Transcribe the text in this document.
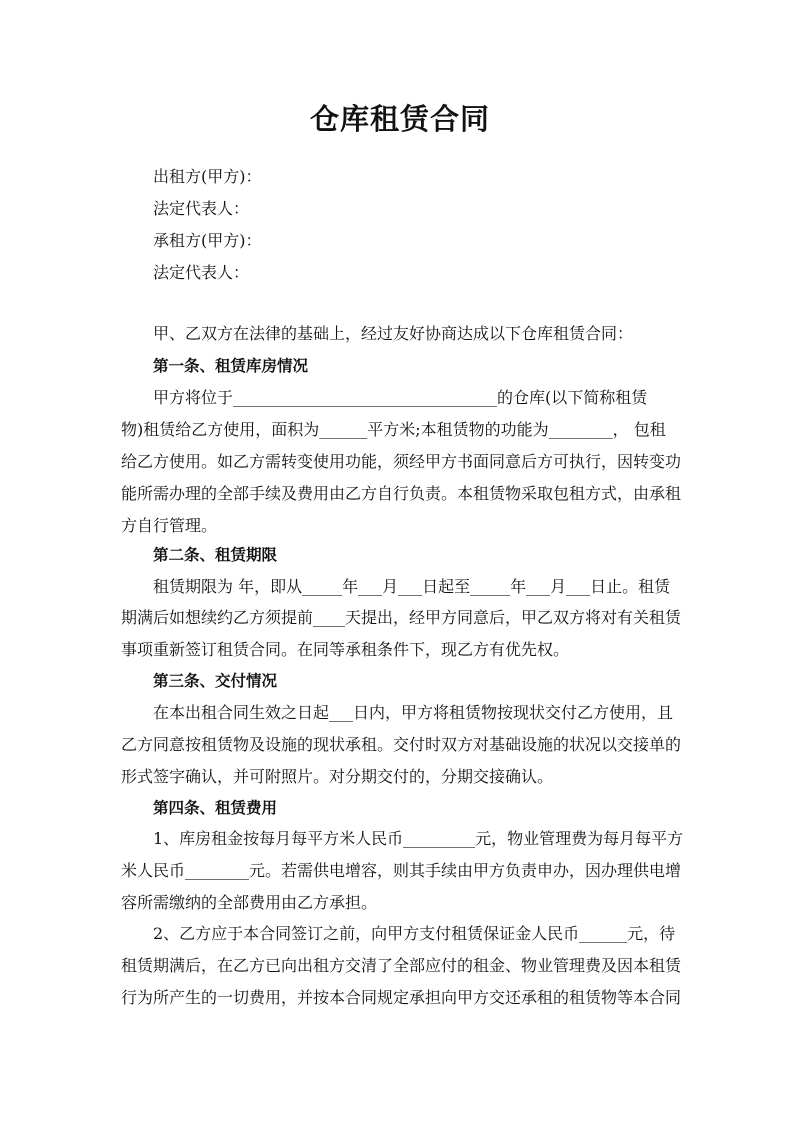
仓库租赁合同
出租方(甲方)：
法定代表人：
承租方(甲方)：
法定代表人：
甲、乙双方在法律的基础上，经过友好协商达成以下仓库租赁合同：
第一条、租赁库房情况
甲方将位于_________________________________的仓库(以下简称租赁
物)租赁给乙方使用，面积为______平方米;本租赁物的功能为________， 包租
给乙方使用。如乙方需转变使用功能，须经甲方书面同意后方可执行，因转变功
能所需办理的全部手续及费用由乙方自行负责。本租赁物采取包租方式，由承租
方自行管理。
第二条、租赁期限
租赁期限为 年，即从_____年___月___日起至_____年___月___日止。租赁
期满后如想续约乙方须提前____天提出，经甲方同意后，甲乙双方将对有关租赁
事项重新签订租赁合同。在同等承租条件下，现乙方有优先权。
第三条、交付情况
在本出租合同生效之日起___日内，甲方将租赁物按现状交付乙方使用，且
乙方同意按租赁物及设施的现状承租。交付时双方对基础设施的状况以交接单的
形式签字确认，并可附照片。对分期交付的，分期交接确认。
第四条、租赁费用
1、库房租金按每月每平方米人民币_________元，物业管理费为每月每平方
米人民币________元。若需供电增容，则其手续由甲方负责申办，因办理供电增
容所需缴纳的全部费用由乙方承担。
2、乙方应于本合同签订之前，向甲方支付租赁保证金人民币______元，待
租赁期满后，在乙方已向出租方交清了全部应付的租金、物业管理费及因本租赁
行为所产生的一切费用，并按本合同规定承担向甲方交还承租的租赁物等本合同
